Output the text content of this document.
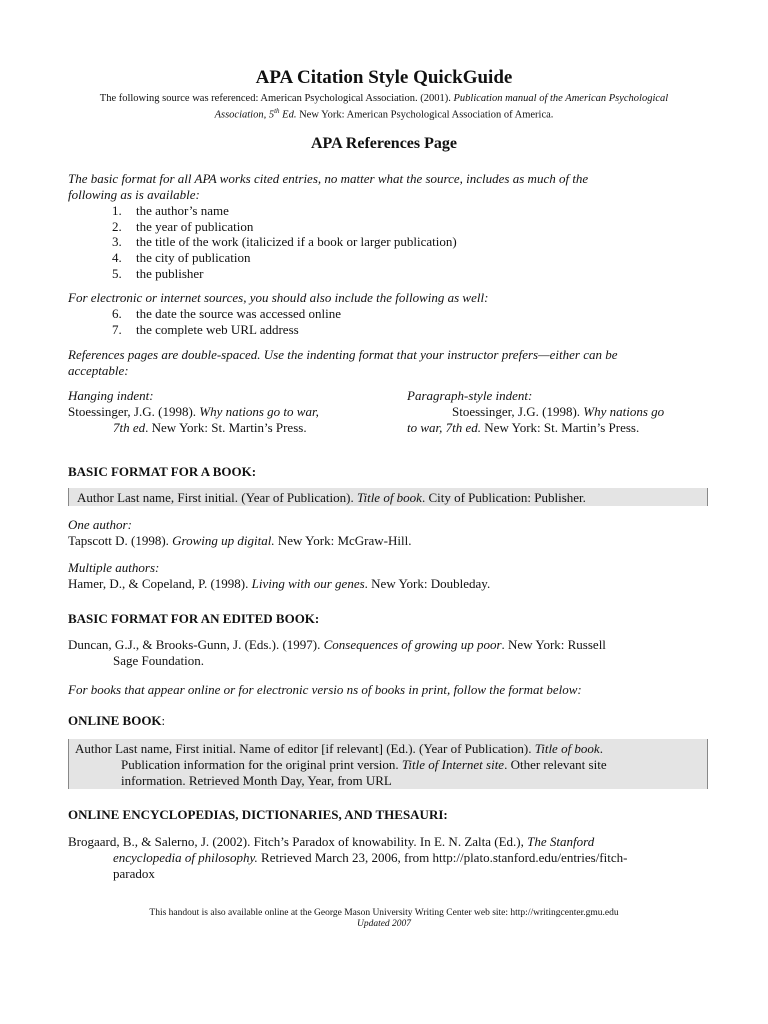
APA Citation Style QuickGuide
The following source was referenced: American Psychological Association. (2001). Publication manual of the American Psychological
Association, 5th Ed. New York: American Psychological Association of America.
APA References Page
The basic format for all APA works cited entries, no matter what the source, includes as much of the
following as is available:
1. the author’s name
2. the year of publication
3. the title of the work (italicized if a book or larger publication)
4. the city of publication
5. the publisher
For electronic or internet sources, you should also include the following as well:
6. the date the source was accessed online
7. the complete web URL address
References pages are double-spaced. Use the indenting format that your instructor prefers—either can be
acceptable:
Hanging indent:
Stoessinger, J.G. (1998). Why nations go to war,
7th ed. New York: St. Martin’s Press.
Paragraph-style indent:
Stoessinger, J.G. (1998). Why nations go
to war, 7th ed. New York: St. Martin’s Press.
BASIC FORMAT FOR A BOOK:
Author Last name, First initial. (Year of Publication). Title of book. City of Publication: Publisher.
One author:
Tapscott D. (1998). Growing up digital. New York: McGraw-Hill.
Multiple authors:
Hamer, D., & Copeland, P. (1998). Living with our genes. New York: Doubleday.
BASIC FORMAT FOR AN EDITED BOOK:
Duncan, G.J., & Brooks-Gunn, J. (Eds.). (1997). Consequences of growing up poor. New York: Russell
Sage Foundation.
For books that appear online or for electronic versio ns of books in print, follow the format below:
ONLINE BOOK:
Author Last name, First initial. Name of editor [if relevant] (Ed.). (Year of Publication). Title of book.
Publication information for the original print version. Title of Internet site. Other relevant site
information. Retrieved Month Day, Year, from URL
ONLINE ENCYCLOPEDIAS, DICTIONARIES, AND THESAURI:
Brogaard, B., & Salerno, J. (2002). Fitch’s Paradox of knowability. In E. N. Zalta (Ed.), The Stanford
encyclopedia of philosophy. Retrieved March 23, 2006, from http://plato.stanford.edu/entries/fitch-
paradox
This handout is also available online at the George Mason University Writing Center web site: http://writingcenter.gmu.edu
Updated 2007
